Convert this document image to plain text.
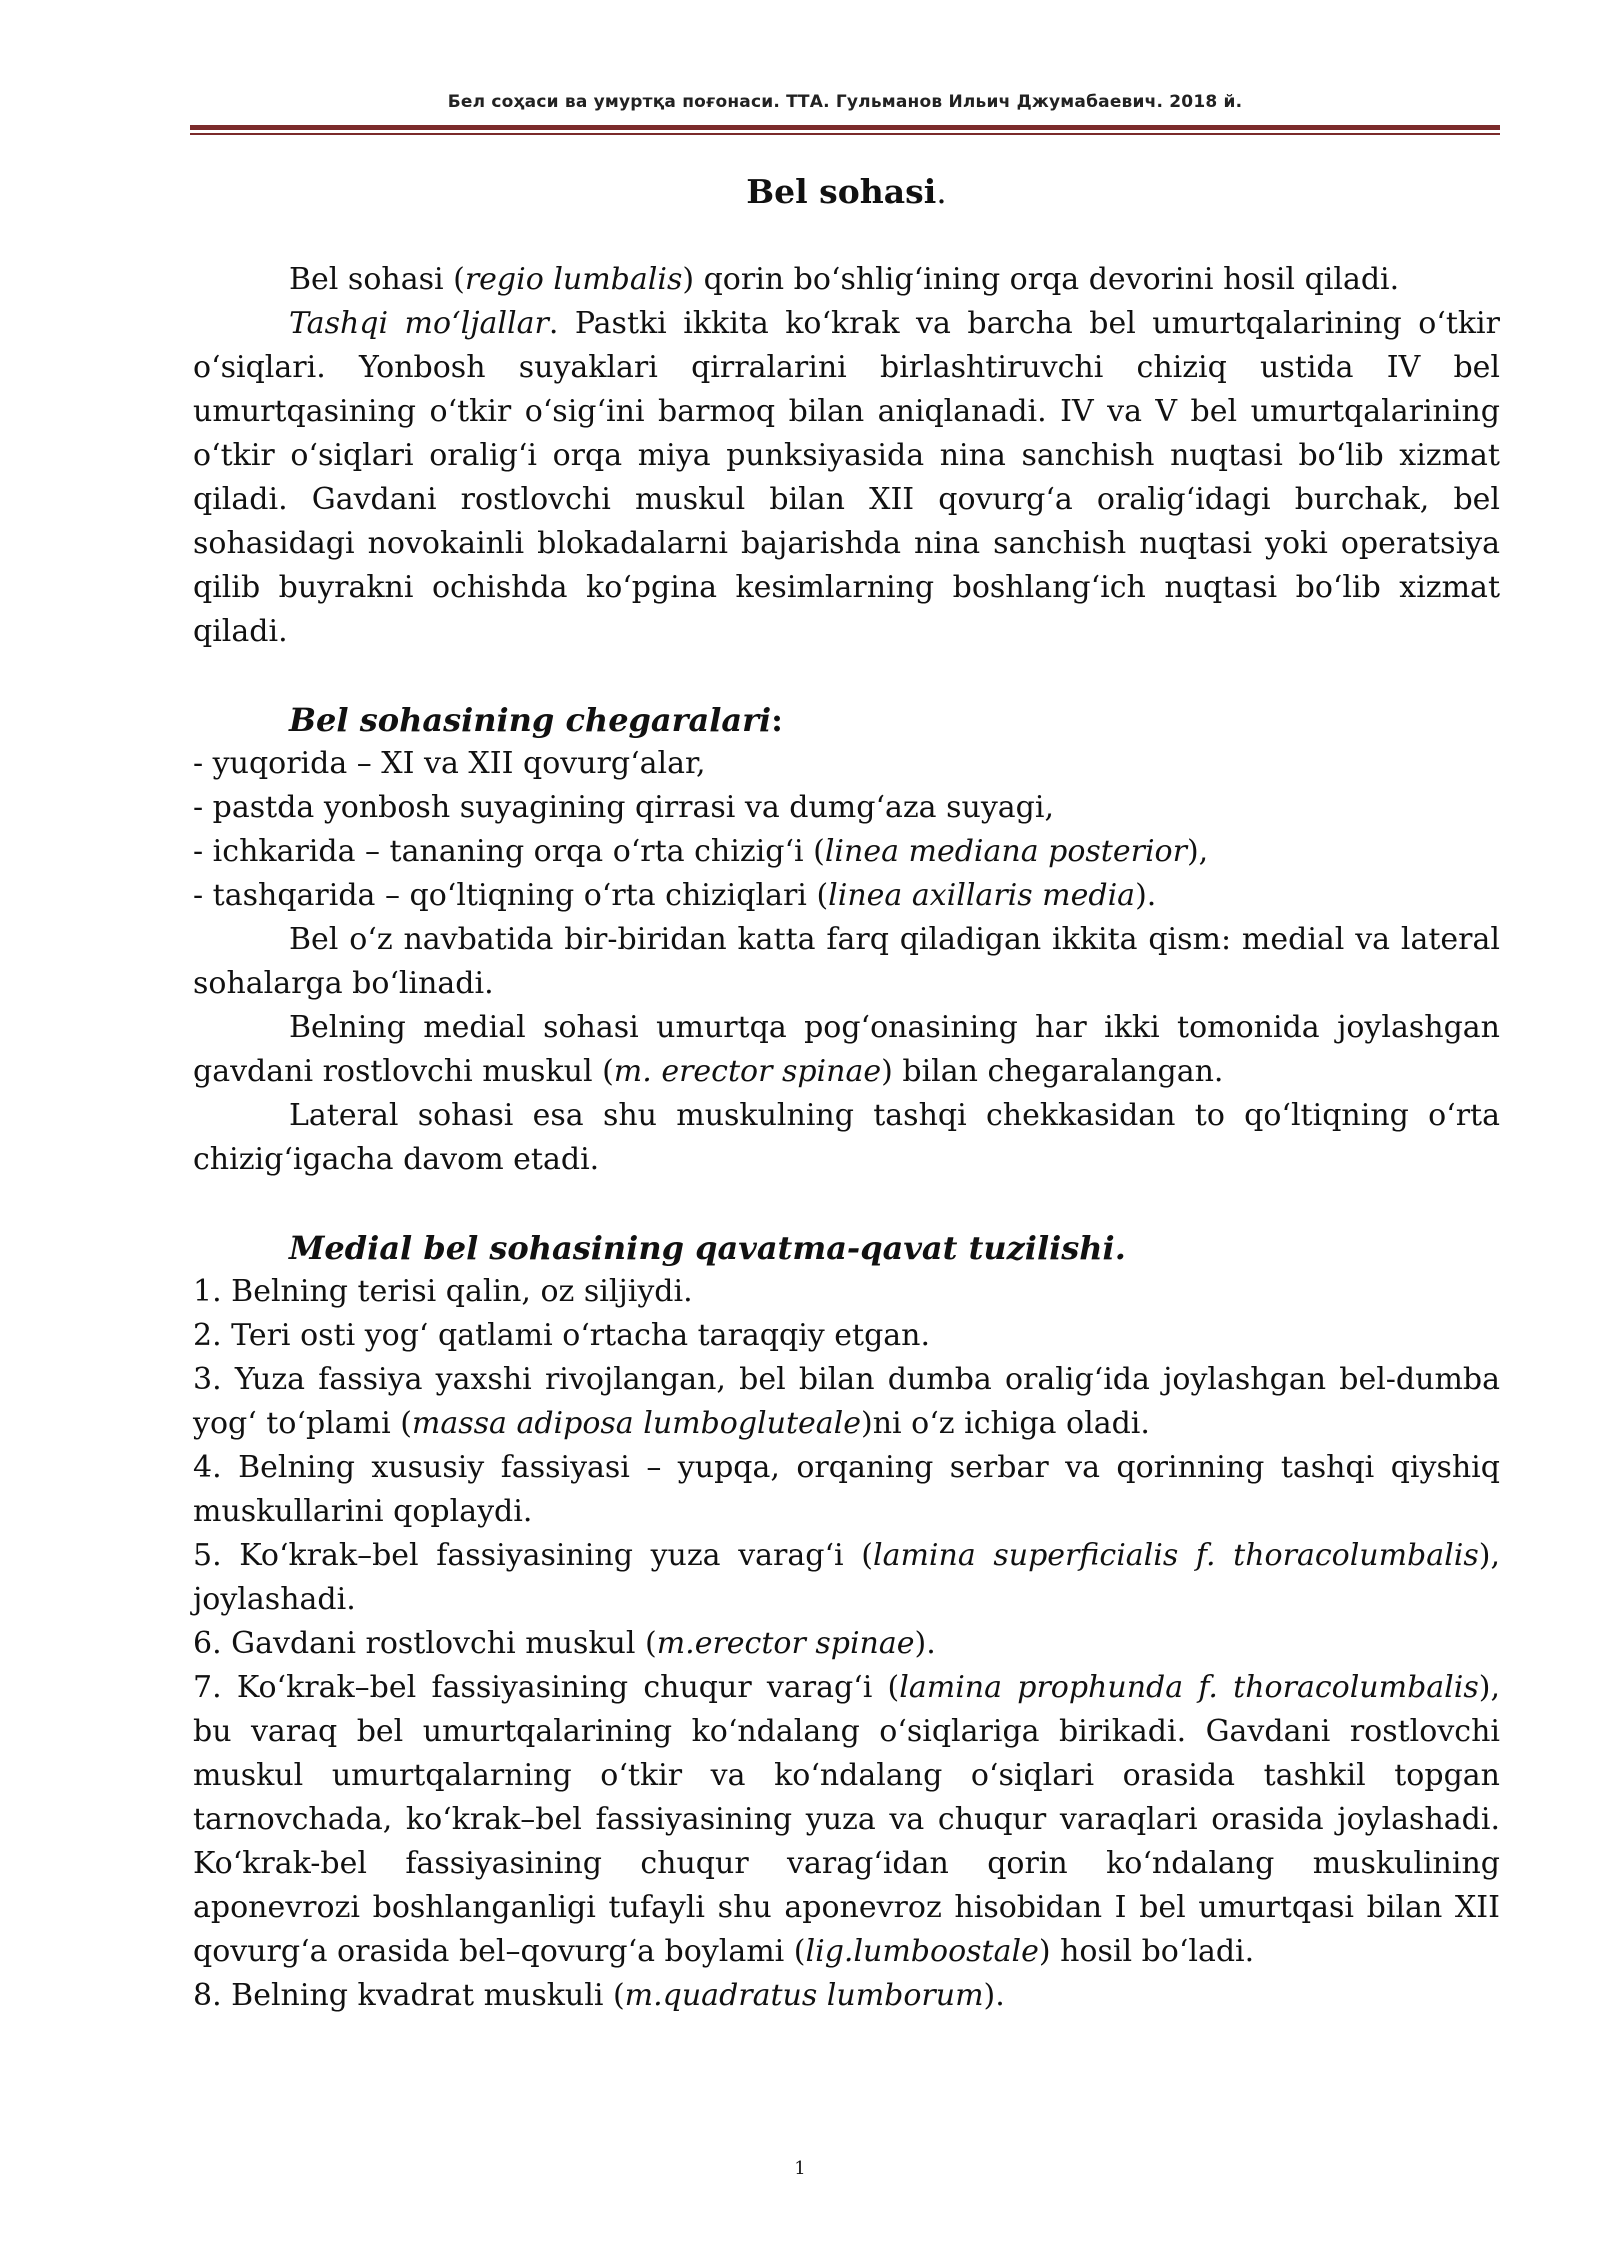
Бел соҳаси ва умуртқа поғонаси. ТТА. Гульманов Ильич Джумабаевич. 2018 й.
Bel sohasi.

Bel sohasi (regio lumbalis) qorin boʻshligʻining orqa devorini hosil qiladi.

Tashqi moʻljallar. Pastki ikkita koʻkrak va barcha bel umurtqalarining oʻtkir oʻsiqlari. Yonbosh suyaklari qirralarini birlashtiruvchi chiziq ustida IV bel umurtqasining oʻtkir oʻsigʻini barmoq bilan aniqlanadi. IV va V bel umurtqalarining oʻtkir oʻsiqlari oraligʻi orqa miya punksiyasida nina sanchish nuqtasi boʻlib xizmat qiladi. Gavdani rostlovchi muskul bilan XII qovurgʻa oraligʻidagi burchak, bel sohasidagi novokainli blokadalarni bajarishda nina sanchish nuqtasi yoki operatsiya qilib buyrakni ochishda koʻpgina kesimlarning boshlangʻich nuqtasi boʻlib xizmat qiladi.

Bel sohasining chegaralari:

- yuqorida – XI va XII qovurgʻalar,

- pastda yonbosh suyagining qirrasi va dumgʻaza suyagi,

- ichkarida – tananing orqa oʻrta chizigʻi (linea mediana posterior),

- tashqarida – qoʻltiqning oʻrta chiziqlari (linea axillaris media).

Bel oʻz navbatida bir-biridan katta farq qiladigan ikkita qism: medial va lateral sohalarga boʻlinadi.

Belning medial sohasi umurtqa pogʻonasining har ikki tomonida joylashgan gavdani rostlovchi muskul (m. erector spinae) bilan chegaralangan.

Lateral sohasi esa shu muskulning tashqi chekkasidan to qoʻltiqning oʻrta chizigʻigacha davom etadi.

Medial bel sohasining qavatma-qavat tuzilishi.

1. Belning terisi qalin, oz siljiydi.

2. Teri osti yogʻ qatlami oʻrtacha taraqqiy etgan.

3. Yuza fassiya yaxshi rivojlangan, bel bilan dumba oraligʻida joylashgan bel-dumba yogʻ toʻplami (massa adiposa lumbogluteale)ni oʻz ichiga oladi.

4. Belning xususiy fassiyasi – yupqa, orqaning serbar va qorinning tashqi qiyshiq muskullarini qoplaydi.

5. Koʻkrak–bel fassiyasining yuza varagʻi (lamina superficialis f. thoracolumbalis), joylashadi.

6. Gavdani rostlovchi muskul (m.erector spinae).

7. Koʻkrak–bel fassiyasining chuqur varagʻi (lamina prophunda f. thoracolumbalis), bu varaq bel umurtqalarining koʻndalang oʻsiqlariga birikadi. Gavdani rostlovchi muskul umurtqalarning oʻtkir va koʻndalang oʻsiqlari orasida tashkil topgan tarnovchada, koʻkrak–bel fassiyasining yuza va chuqur varaqlari orasida joylashadi. Koʻkrak-bel fassiyasining chuqur varagʻidan qorin koʻndalang muskulining aponevrozi boshlanganligi tufayli shu aponevroz hisobidan I bel umurtqasi bilan XII qovurgʻa orasida bel–qovurgʻa boylami (lig.lumboostale) hosil boʻladi.

8. Belning kvadrat muskuli (m.quadratus lumborum).

1
